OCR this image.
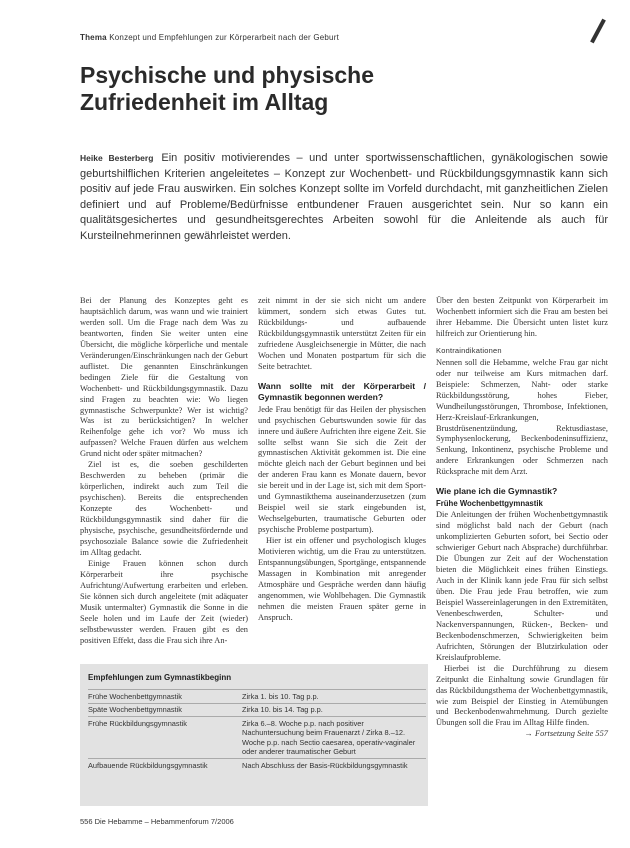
Thema Konzept und Empfehlungen zur Körperarbeit nach der Geburt
Psychische und physische
Zufriedenheit im Alltag
Heike Besterberg Ein positiv motivierendes – und unter sportwissenschaftlichen, gynäkologischen sowie geburtshilflichen Kriterien angeleitetes – Konzept zur Wochenbett- und Rückbildungsgymnastik kann sich positiv auf jede Frau auswirken. Ein solches Konzept sollte im Vorfeld durchdacht, mit ganzheitlichen Zielen definiert und auf Probleme/Bedürfnisse entbundener Frauen ausgerichtet sein. Nur so kann ein qualitätsgesichertes und gesundheitsgerechtes Arbeiten sowohl für die Anleitende als auch für Kursteilnehmerinnen gewährleistet werden.

Bei der Planung des Konzeptes geht es hauptsächlich darum, was wann und wie trainiert werden soll. Um die Frage nach dem Was zu beantworten, finden Sie weiter unten eine Übersicht, die mögliche körperliche und mentale Veränderungen/Einschränkungen nach der Geburt auflistet. Die genannten Einschränkungen bedingen Ziele für die Gestaltung von Wochenbett- und Rückbildungsgymnastik. Dazu sind Fragen zu beachten wie: Wo liegen gymnastische Schwerpunkte? Wer ist wichtig? Was ist zu berücksichtigen? In welcher Reihenfolge gehe ich vor? Wo muss ich aufpassen? Welche Frauen dürfen aus welchem Grund nicht oder später mitmachen?

Ziel ist es, die soeben geschilderten Beschwerden zu beheben (primär die körperlichen, indirekt auch zum Teil die psychischen). Bereits die entsprechenden Konzepte des Wochenbett- und Rückbildungsgymnastik sind daher für die physische, psychische, gesundheitsfördernde und psychosoziale Balance sowie die Zufriedenheit im Alltag gedacht.

Einige Frauen können schon durch Körperarbeit ihre psychische Aufrichtung/Aufwertung erarbeiten und erleben. Sie können sich durch angeleitete (mit adäquater Musik untermalter) Gymnastik die Sonne in die Seele holen und im Laufe der Zeit (wieder) selbstbewusster werden. Frauen gibt es den positiven Effekt, dass die Frau sich ihre An-

zeit nimmt in der sie sich nicht um andere kümmert, sondern sich etwas Gutes tut. Rückbildungs- und aufbauende Rückbildungsgymnastik unterstützt Zeiten für ein zufriedene Ausgleichsenergie in Mütter, die nach Wochen und Monaten postpartum für sich die Seite betrachtet.

Wann sollte mit der Körperarbeit / Gymnastik begonnen werden?

Jede Frau benötigt für das Heilen der physischen und psychischen Geburtswunden sowie für das innere und äußere Aufrichten ihre eigene Zeit. Sie sollte selbst wann Sie sich die Zeit der gymnastischen Aktivität gekommen ist. Die eine möchte gleich nach der Geburt beginnen und bei der anderen Frau kann es Monate dauern, bevor sie bereit und in der Lage ist, sich mit dem Sport- und Gymnastikthema auseinanderzusetzen (zum Beispiel weil sie stark eingebunden ist, Wechselgeburten, traumatische Geburten oder psychische Probleme postpartum).

Hier ist ein offener und psychologisch kluges Motivieren wichtig, um die Frau zu unterstützen. Entspannungsübungen, Sportgänge, entspannende Massagen in Kombination mit anregender Atmosphäre und Gespräche werden dann häufig angenommen, wie Wohlbehagen. Die Gymnastik nehmen die meisten Frauen später gerne in Anspruch.

Über den besten Zeitpunkt von Körperarbeit im Wochenbett informiert sich die Frau am besten bei ihrer Hebamme. Die Übersicht unten listet kurz hilfreich zur Orientierung hin.

Kontraindikationen

Nennen soll die Hebamme, welche Frau gar nicht oder nur teilweise am Kurs mitmachen darf. Beispiele: Schmerzen, Naht- oder starke Rückbildungsstörung, hohes Fieber, Wundheilungsstörungen, Thrombose, Infektionen, Herz-Kreislauf-Erkrankungen, Brustdrüsenentzündung, Rektusdiastase, Symphysenlockerung, Beckenbodeninsuffizienz, Senkung, Inkontinenz, psychische Probleme und andere Erkrankungen oder Schmerzen nach Rücksprache mit dem Arzt.

Wie plane ich die Gymnastik?
Frühe Wochenbettgymnastik

Die Anleitungen der frühen Wochenbettgymnastik sind möglichst bald nach der Geburt (nach unkomplizierten Geburten sofort, bei Sectio oder schwieriger Geburt nach Absprache) durchführbar. Die Übungen zur Zeit auf der Wochenstation bieten die Möglichkeit eines frühen Einstiegs. Auch in der Klinik kann jede Frau für sich selbst üben. Die Frau jede Frau betroffen, wie zum Beispiel Wassereinlagerungen in den Extremitäten, Venenbeschwerden, Schulter- und Nackenverspannungen, Rücken-, Becken- und Beckenbodenschmerzen, Schwierigkeiten beim Aufrichten, Störungen der Blutzirkulation oder Kreislaufprobleme.

Hierbei ist die Durchführung zu diesem Zeitpunkt die Einhaltung sowie Grundlagen für das Rückbildungsthema der Wochenbettgymnastik, wie zum Beispiel der Einstieg in Atemübungen und Beckenbodenwahrnehmung. Durch gezielte Übungen soll die Frau im Alltag Hilfe finden.

→ Fortsetzung Seite 557
Empfehlungen zum Gymnastikbeginn
Frühe Wochenbettgymnastik	Zirka 1. bis 10. Tag p.p.
Späte Wochenbettgymnastik	Zirka 10. bis 14. Tag p.p.
Frühe Rückbildungsgymnastik	Zirka 6.–8. Woche p.p. nach positiver Nachuntersuchung beim Frauenarzt / Zirka 8.–12. Woche p.p. nach Sectio caesarea, operativ-vaginaler oder anderer traumatischer Geburt
Aufbauende Rückbildungsgymnastik	Nach Abschluss der Basis-Rückbildungsgymnastik
556 Die Hebamme – Hebammenforum 7/2006
